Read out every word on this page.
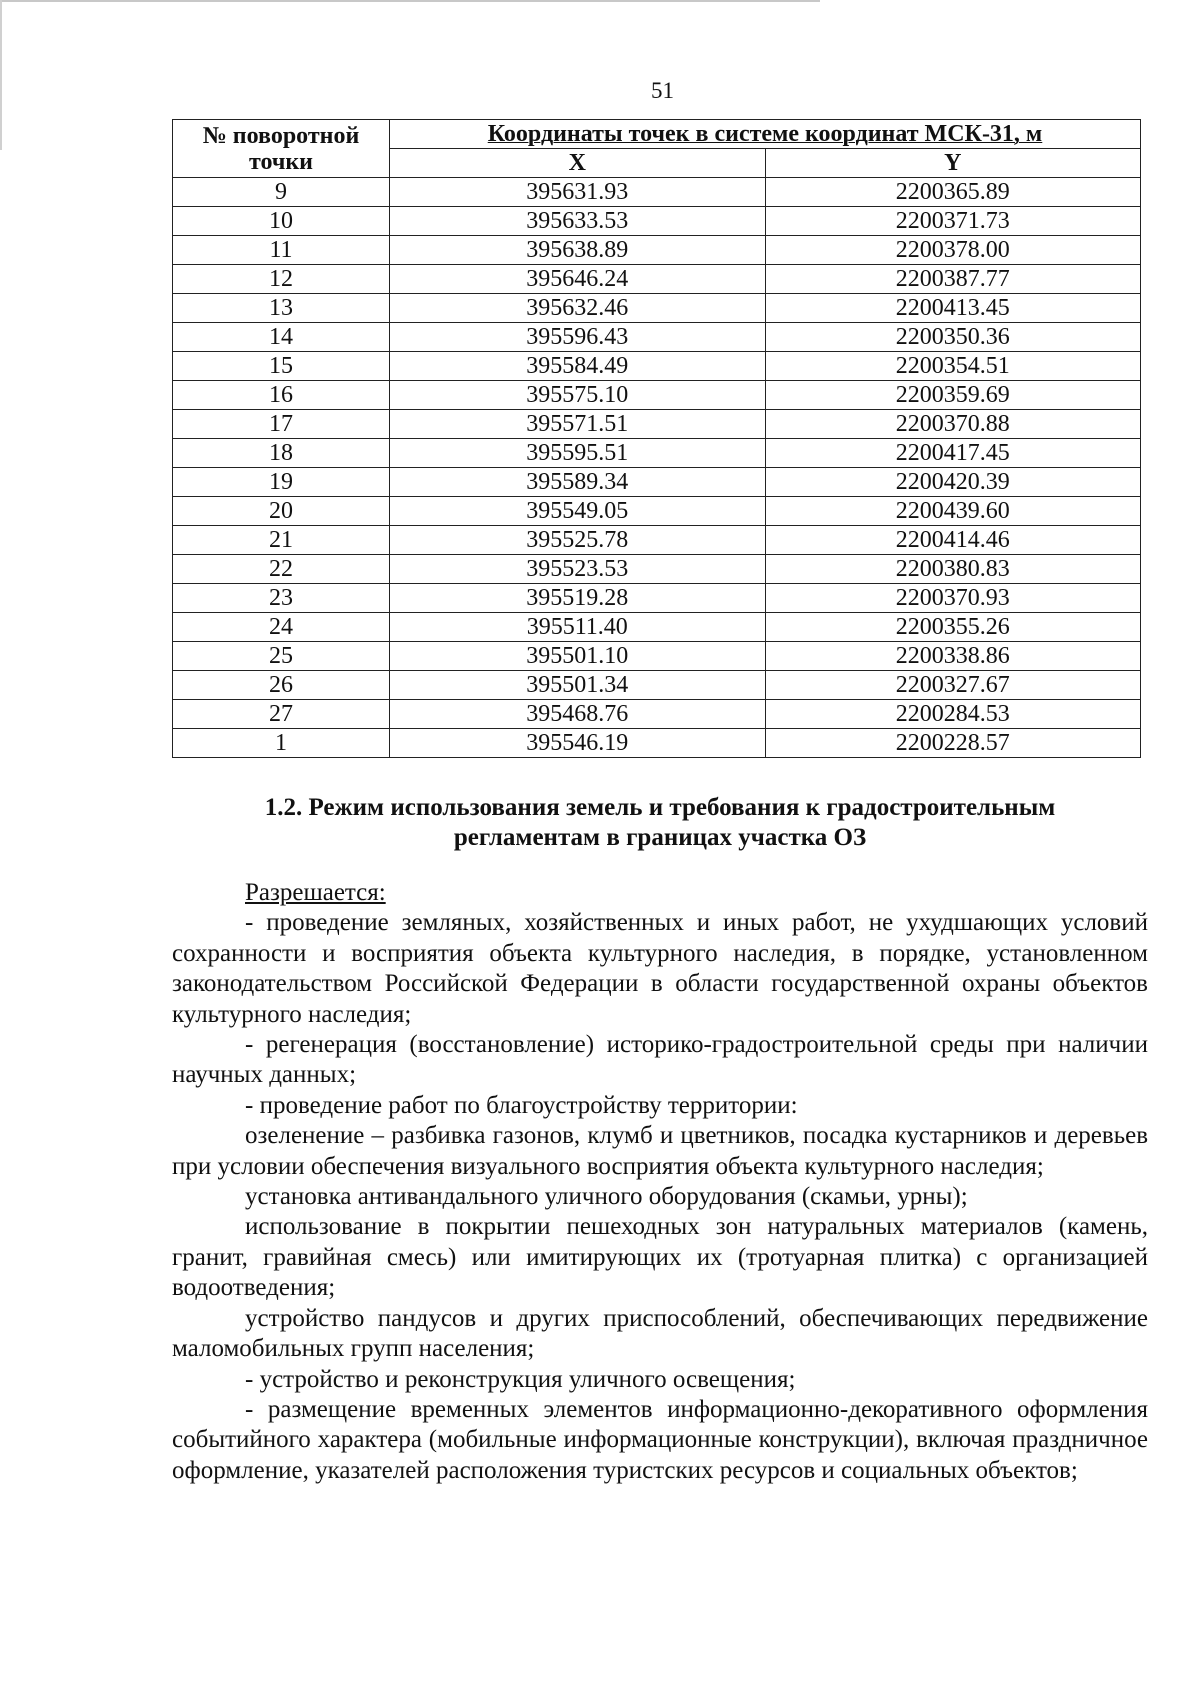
51
№ поворотной точки	Координаты точек в системе координат МСК-31, м	
	X	Y
9	395631.93	2200365.89
10	395633.53	2200371.73
11	395638.89	2200378.00
12	395646.24	2200387.77
13	395632.46	2200413.45
14	395596.43	2200350.36
15	395584.49	2200354.51
16	395575.10	2200359.69
17	395571.51	2200370.88
18	395595.51	2200417.45
19	395589.34	2200420.39
20	395549.05	2200439.60
21	395525.78	2200414.46
22	395523.53	2200380.83
23	395519.28	2200370.93
24	395511.40	2200355.26
25	395501.10	2200338.86
26	395501.34	2200327.67
27	395468.76	2200284.53
1	395546.19	2200228.57
1.2. Режим использования земель и требования к градостроительным
регламентам в границах участка ОЗ

Разрешается:

- проведение земляных, хозяйственных и иных работ, не ухудшающих условий сохранности и восприятия объекта культурного наследия, в порядке, установленном законодательством Российской Федерации в области государственной охраны объектов культурного наследия;

- регенерация (восстановление) историко-градостроительной среды при наличии научных данных;

- проведение работ по благоустройству территории:

озеленение – разбивка газонов, клумб и цветников, посадка кустарников и деревьев при условии обеспечения визуального восприятия объекта культурного наследия;

установка антивандального уличного оборудования (скамьи, урны);

использование в покрытии пешеходных зон натуральных материалов (камень, гранит, гравийная смесь) или имитирующих их (тротуарная плитка) с организацией водоотведения;

устройство пандусов и других приспособлений, обеспечивающих передвижение маломобильных групп населения;

- устройство и реконструкция уличного освещения;

- размещение временных элементов информационно-декоративного оформления событийного характера (мобильные информационные конструкции), включая праздничное оформление, указателей расположения туристских ресурсов и социальных объектов;
